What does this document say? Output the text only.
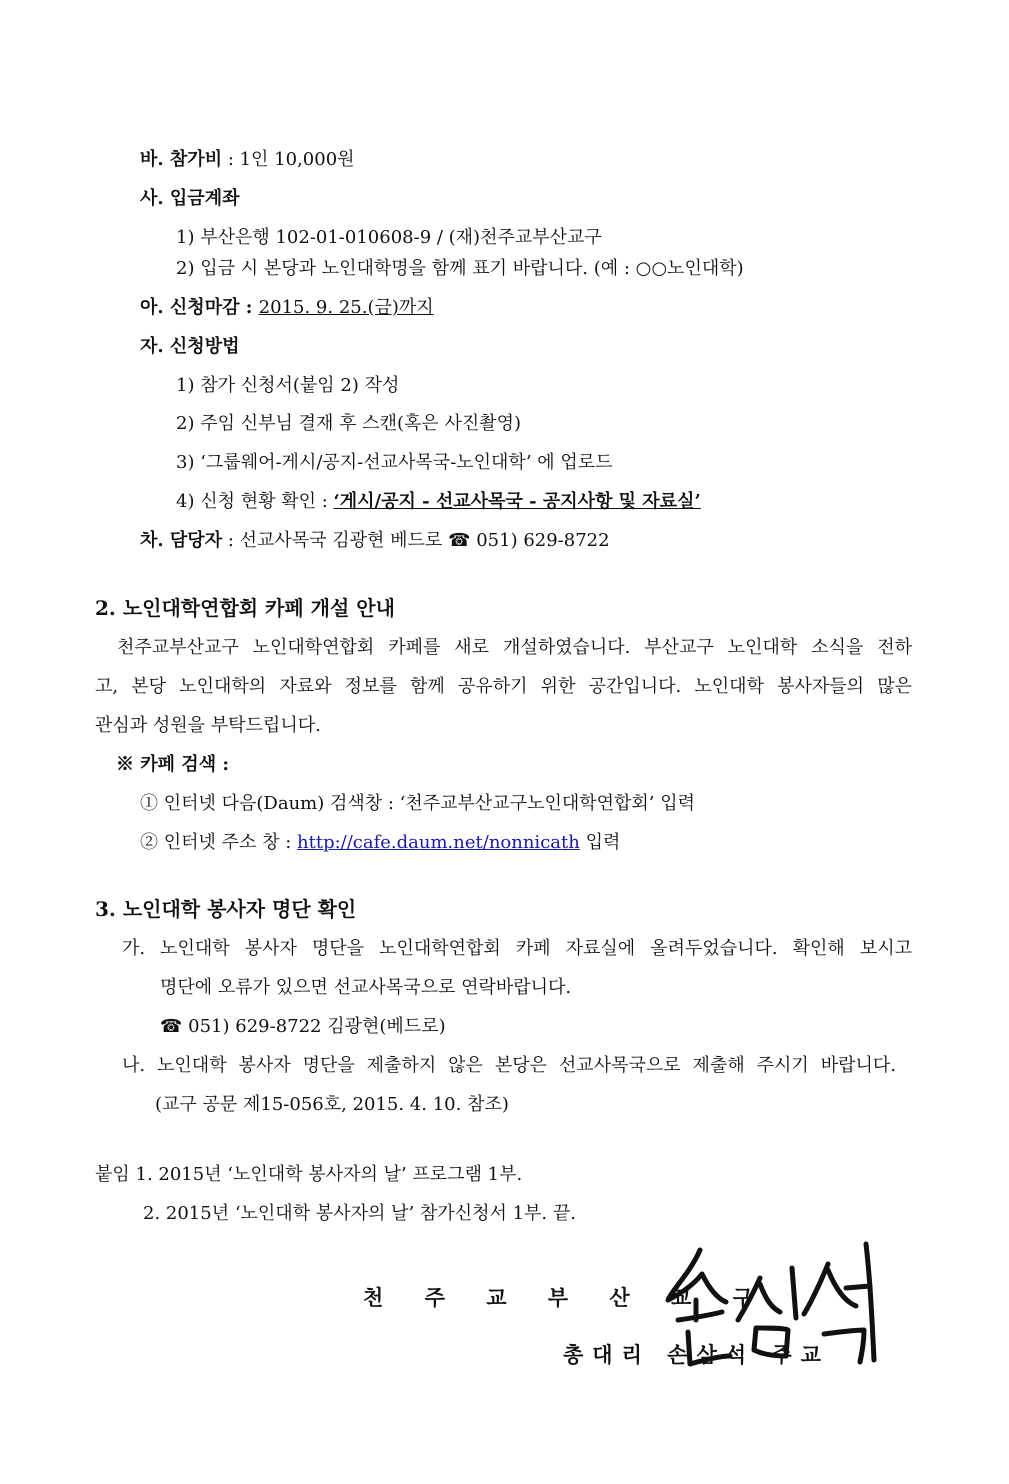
바. 참가비 : 1인 10,000원
사. 입금계좌
1) 부산은행 102-01-010608-9 / (재)천주교부산교구
2) 입금 시 본당과 노인대학명을 함께 표기 바랍니다. (예 : ○○노인대학)
아. 신청마감 : 2015. 9. 25.(금)까지
자. 신청방법
1) 참가 신청서(붙임 2) 작성
2) 주임 신부님 결재 후 스캔(혹은 사진촬영)
3) ‘그룹웨어-게시/공지-선교사목국-노인대학’ 에 업로드
4) 신청 현황 확인 : ‘게시/공지 - 선교사목국 - 공지사항 및 자료실’
차. 담당자 : 선교사목국 김광현 베드로 ☎ 051) 629-8722
2. 노인대학연합회 카페 개설 안내
천주교부산교구 노인대학연합회 카페를 새로 개설하였습니다. 부산교구 노인대학 소식을 전하
고, 본당 노인대학의 자료와 정보를 함께 공유하기 위한 공간입니다. 노인대학 봉사자들의 많은
관심과 성원을 부탁드립니다.
※ 카페 검색 :
① 인터넷 다음(Daum) 검색창 : ‘천주교부산교구노인대학연합회’ 입력
② 인터넷 주소 창 : http://cafe.daum.net/nonnicath 입력
3. 노인대학 봉사자 명단 확인
가. 노인대학 봉사자 명단을 노인대학연합회 카페 자료실에 올려두었습니다. 확인해 보시고
명단에 오류가 있으면 선교사목국으로 연락바랍니다.
☎ 051) 629-8722 김광현(베드로)
나. 노인대학 봉사자 명단을 제출하지 않은 본당은 선교사목국으로 제출해 주시기 바랍니다.
(교구 공문 제15-056호, 2015. 4. 10. 참조)
붙임 1. 2015년 ‘노인대학 봉사자의 날’ 프로그램 1부.
2. 2015년 ‘노인대학 봉사자의 날’ 참가신청서 1부. 끝.
천 주 교 부 산 교 구
총대리 손삼석 주교
